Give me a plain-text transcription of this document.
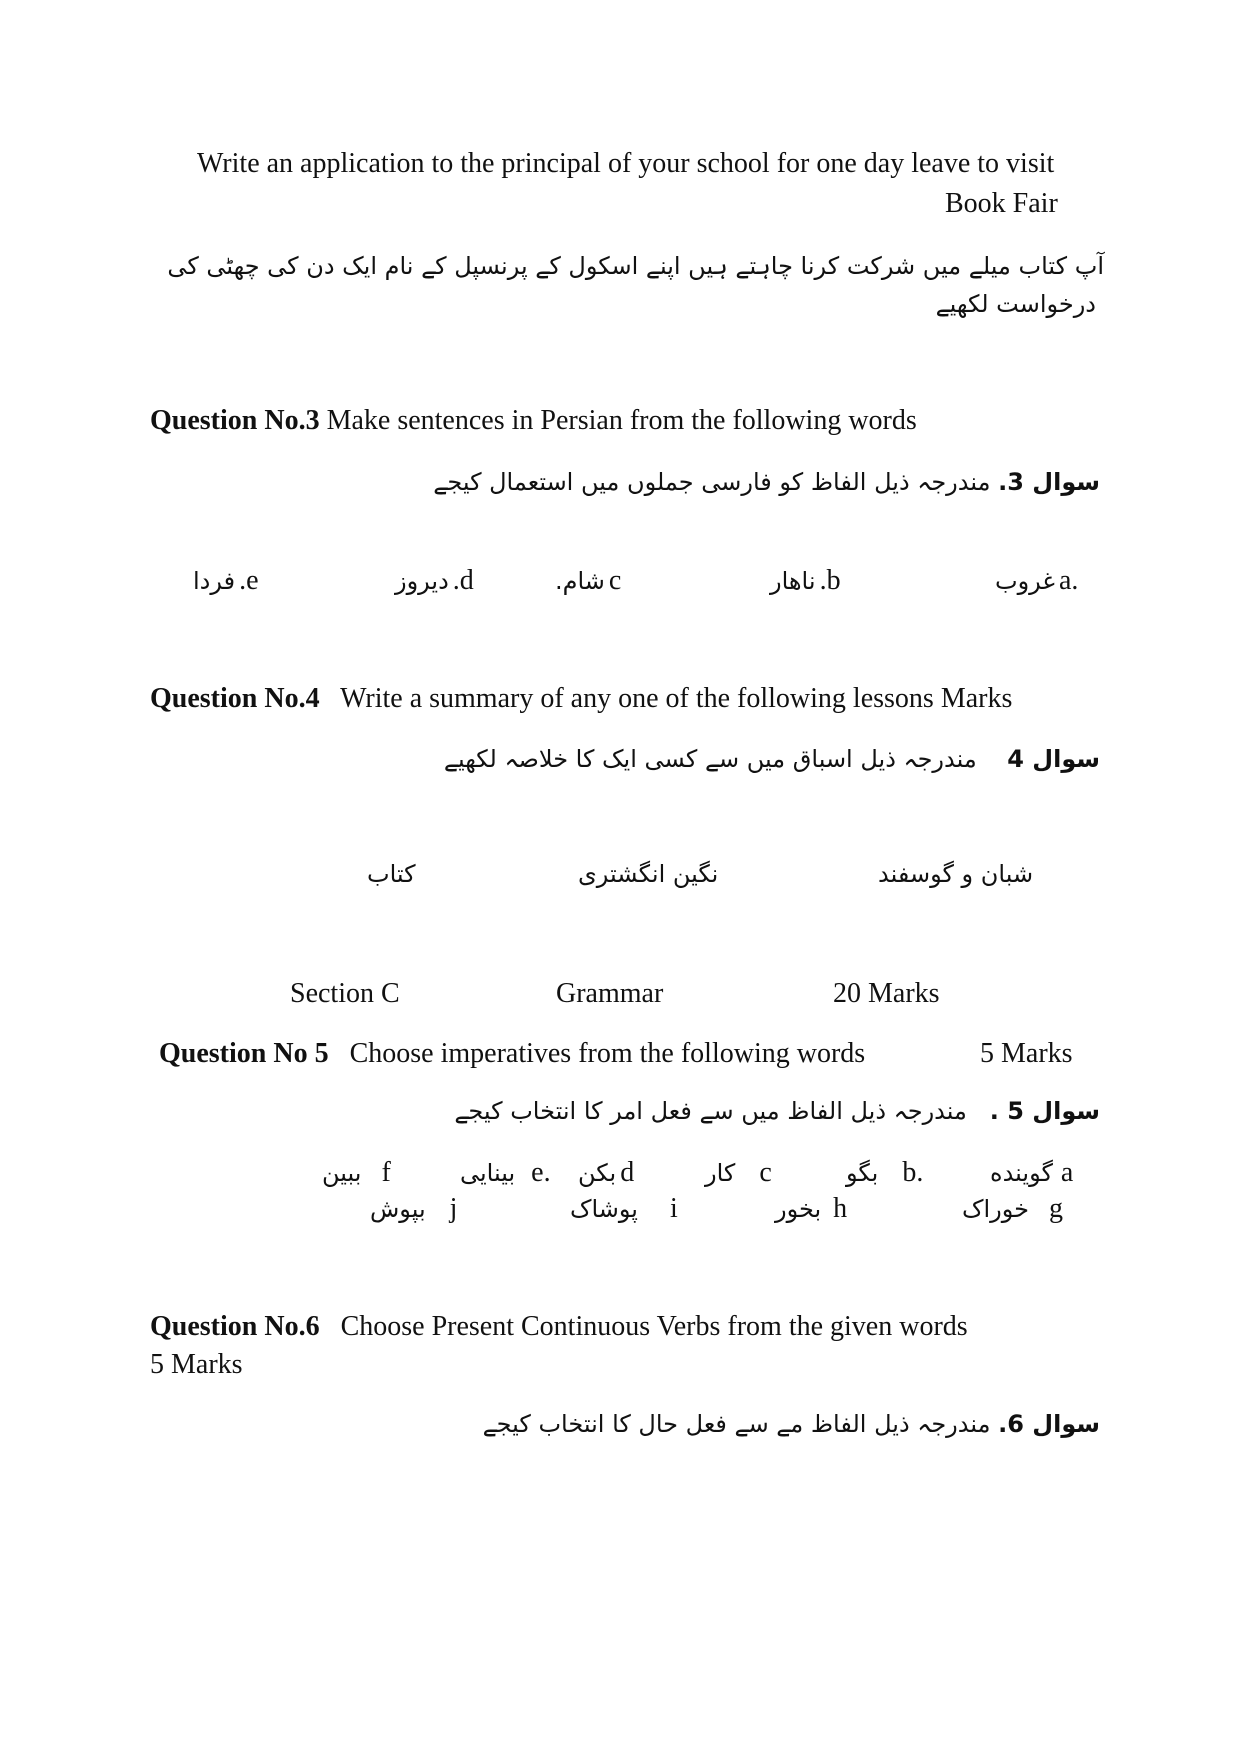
Write an application to the principal of your school for one day leave to visit
Book Fair
آپ کتاب میلے میں شرکت کرنا چاہتے ہیں اپنے اسکول کے پرنسپل کے نام ایک دن کی چھٹی کی
درخواست لکھیے
Question No.3 Make sentences in Persian from the following words
سوال 3. مندرجہ ذیل الفاظ کو فارسی جملوں میں استعمال کیجے
غروب a.
ناهار .b
شام. c
دیروز .d
فردا .e
Question No.4 Write a summary of any one of the following lessons Marks
سوال 4    مندرجہ ذیل اسباق میں سے کسی ایک کا خلاصہ لکھیے
شبان و گوسفند
نگین انگشتری
کتاب
Section C	Grammar	20 Marks
Question No 5 Choose imperatives from the following words	5 Marks
سوال 5 .   مندرجہ ذیل الفاظ میں سے فعل امر کا انتخاب کیجے
گوینده a
بگو b.
کار c
بکن d
بینایی e.
ببین f
خوراک g
بخور h
پوشاک i
بپوش j
Question No.6 Choose Present Continuous Verbs from the given words
5 Marks
سوال 6. مندرجہ ذیل الفاظ مے سے فعل حال کا انتخاب کیجے
